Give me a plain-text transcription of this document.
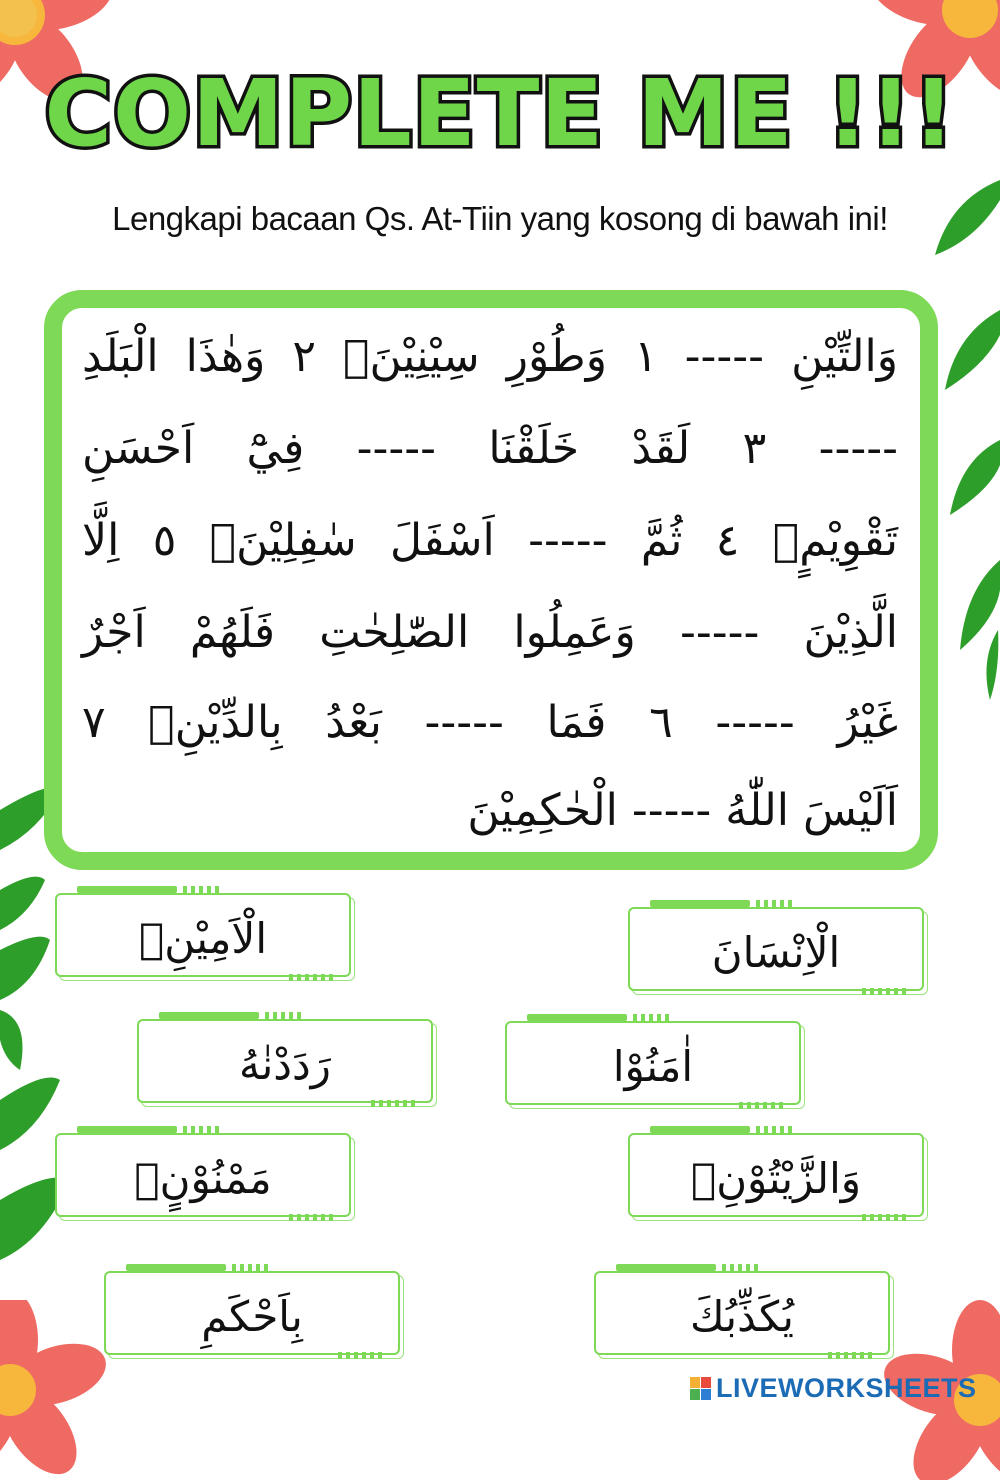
COMPLETE ME !!!
Lengkapi bacaan Qs. At-Tiin yang kosong di bawah ini!
وَالتِّيْنِ ----- ١ وَطُوْرِ سِيْنِيْنَۙ ٢ وَهٰذَا الْبَلَدِ
----- ٣ لَقَدْ خَلَقْنَا ----- فِيْٓ اَحْسَنِ
تَقْوِيْمٍۖ ٤ ثُمَّ ----- اَسْفَلَ سٰفِلِيْنَۙ ٥ اِلَّا
الَّذِيْنَ ----- وَعَمِلُوا الصّٰلِحٰتِ فَلَهُمْ اَجْرٌ
غَيْرُ ----- ٦ فَمَا ----- بَعْدُ بِالدِّيْنِۗ ٧
اَلَيْسَ اللّٰهُ ----- الْحٰكِمِيْنَ
الْاَمِيْنِۙ	الْاِنْسَانَ
رَدَدْنٰهُ	اٰمَنُوْا
مَمْنُوْنٍۗ	وَالزَّيْتُوْنِۙ
بِاَحْكَمِ	يُكَذِّبُكَ
LIVEWORKSHEETS
